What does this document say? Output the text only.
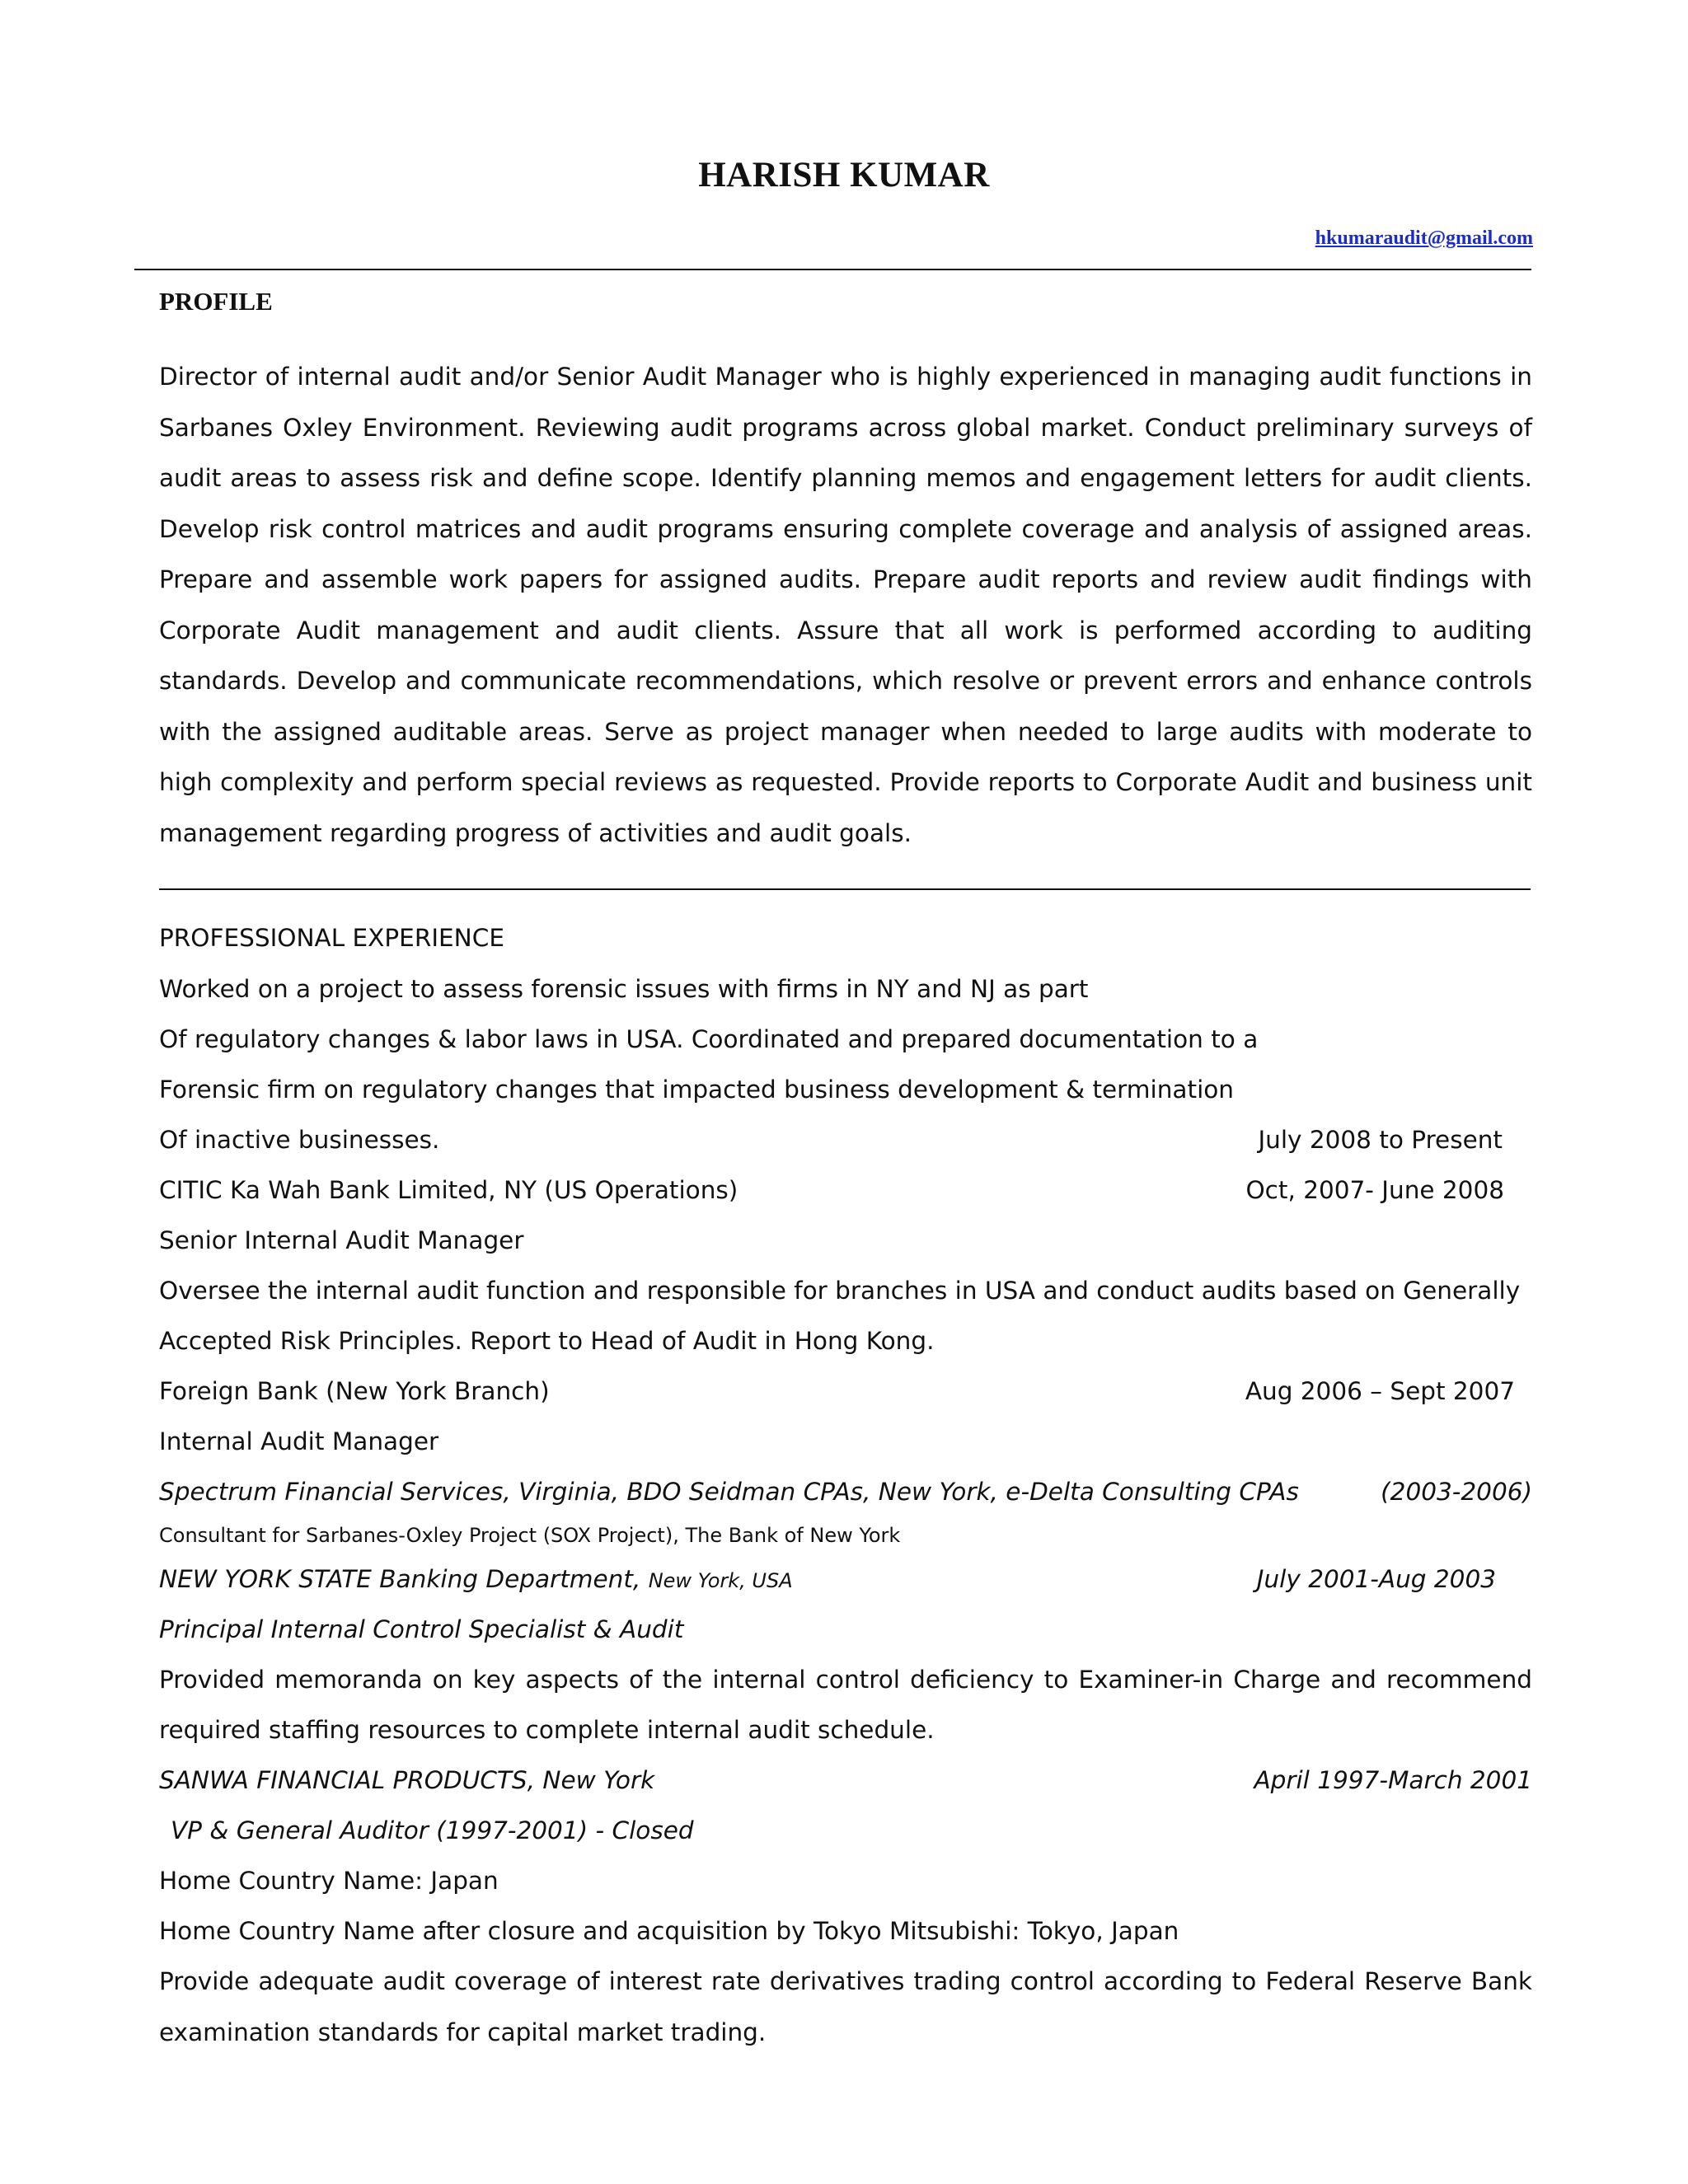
HARISH KUMAR
hkumaraudit@gmail.com
PROFILE
Director of internal audit and/or Senior Audit Manager who is highly experienced in managing audit functions in Sarbanes Oxley Environment. Reviewing audit programs across global market. Conduct preliminary surveys of audit areas to assess risk and define scope. Identify planning memos and engagement letters for audit clients. Develop risk control matrices and audit programs ensuring complete coverage and analysis of assigned areas. Prepare and assemble work papers for assigned audits. Prepare audit reports and review audit findings with Corporate Audit management and audit clients. Assure that all work is performed according to auditing standards. Develop and communicate recommendations, which resolve or prevent errors and enhance controls with the assigned auditable areas. Serve as project manager when needed to large audits with moderate to high complexity and perform special reviews as requested. Provide reports to Corporate Audit and business unit management regarding progress of activities and audit goals.
PROFESSIONAL EXPERIENCE
Worked on a project to assess forensic issues with firms in NY and NJ as part
Of regulatory changes & labor laws in USA. Coordinated and prepared documentation to a
Forensic firm on regulatory changes that impacted business development & termination
Of inactive businesses.	July 2008 to Present
CITIC Ka Wah Bank Limited, NY (US Operations)	Oct, 2007- June 2008
Senior Internal Audit Manager
Oversee the internal audit function and responsible for branches in USA and conduct audits based on Generally
Accepted Risk Principles. Report to Head of Audit in Hong Kong.
Foreign Bank (New York Branch)	Aug 2006 – Sept 2007
Internal Audit Manager
Spectrum Financial Services, Virginia, BDO Seidman CPAs, New York, e-Delta Consulting CPAs	(2003-2006)
Consultant for Sarbanes-Oxley Project (SOX Project), The Bank of New York
NEW YORK STATE Banking Department, New York, USA	July 2001-Aug 2003
Principal Internal Control Specialist & Audit
Provided memoranda on key aspects of the internal control deficiency to Examiner-in Charge and recommend
required staffing resources to complete internal audit schedule.
SANWA FINANCIAL PRODUCTS, New York	April 1997-March 2001
VP & General Auditor (1997-2001) - Closed
Home Country Name: Japan
Home Country Name after closure and acquisition by Tokyo Mitsubishi: Tokyo, Japan
Provide adequate audit coverage of interest rate derivatives trading control according to Federal Reserve Bank
examination standards for capital market trading.
